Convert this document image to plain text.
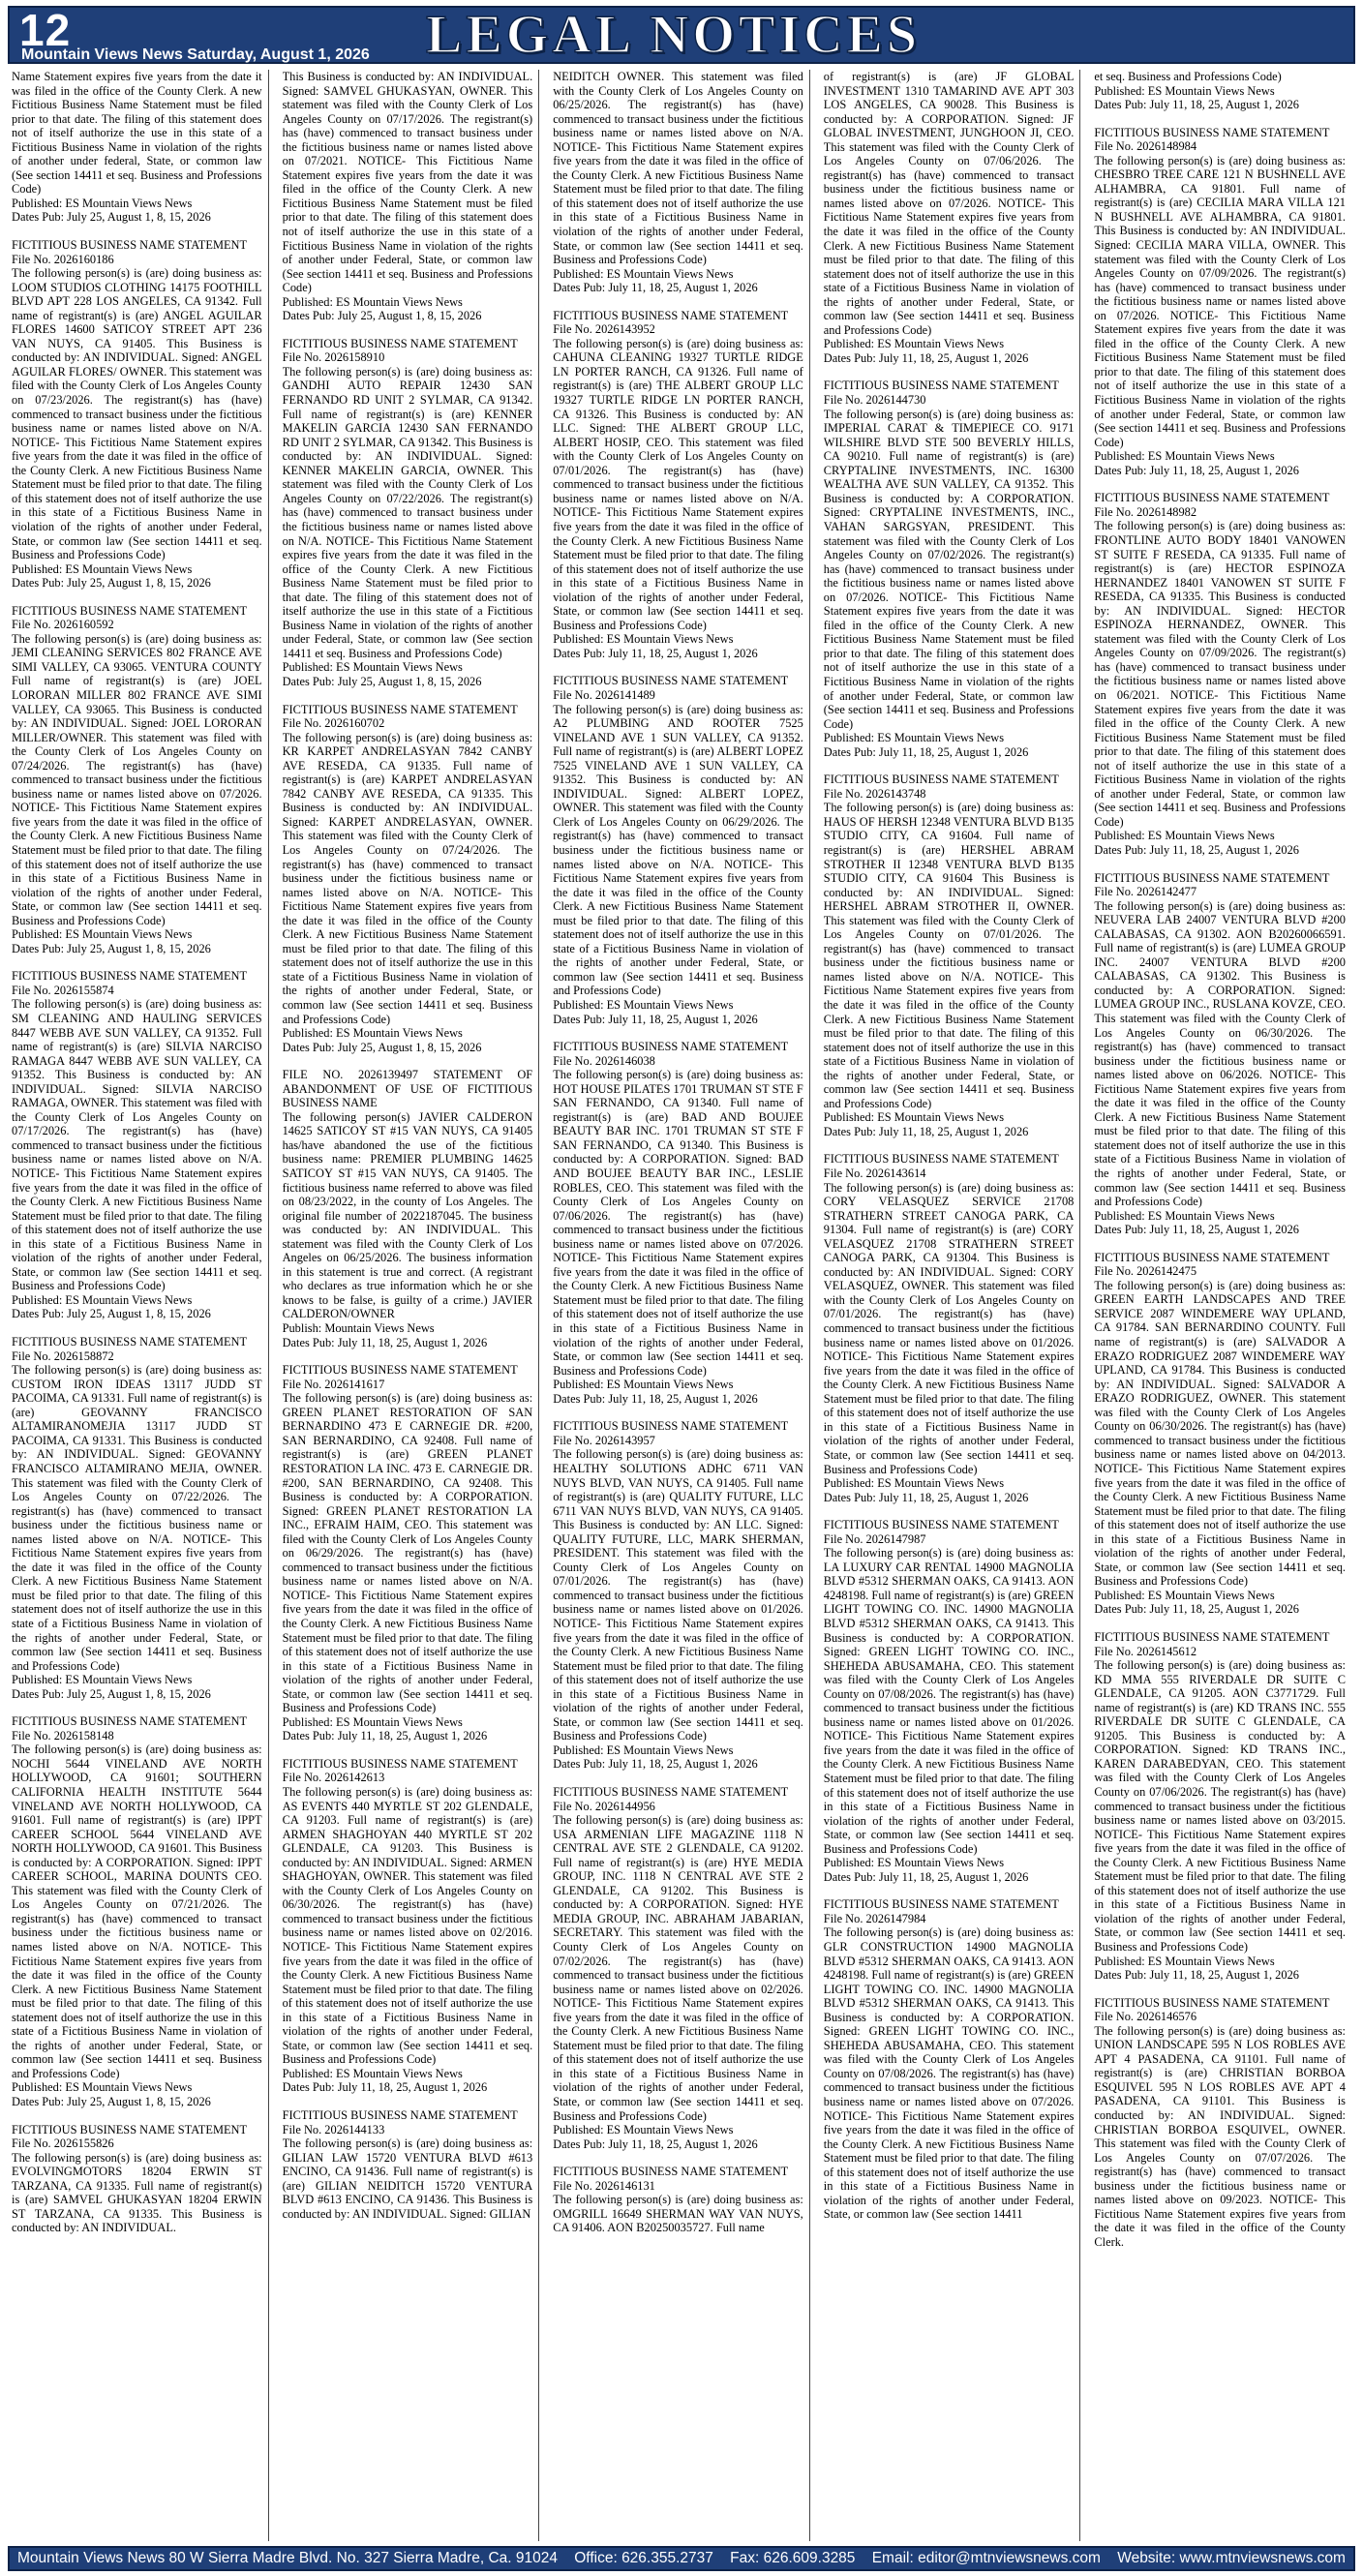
12
Mountain Views News Saturday, August 1, 2026 LEGAL NOTICES
Name Statement expires five years from the date it was filed in the office of the County Clerk. A new Fictitious Business Name Statement must be filed prior to that date. The filing of this statement does not of itself authorize the use in this state of a Fictitious Business Name in violation of the rights of another under federal, State, or common law (See section 14411 et seq. Business and Professions Code)
Published: ES Mountain Views News
Dates Pub: July 25, August 1, 8, 15, 2026
FICTITIOUS BUSINESS NAME STATEMENT
File No. 2026160186
The following person(s) is (are) doing business as: LOOM STUDIOS CLOTHING 14175 FOOTHILL BLVD APT 228 LOS ANGELES, CA 91342. Full name of registrant(s) is (are) ANGEL AGUILAR FLORES 14600 SATICOY STREET APT 236 VAN NUYS, CA 91405. This Business is conducted by: AN INDIVIDUAL. Signed: ANGEL AGUILAR FLORES/ OWNER. This statement was filed with the County Clerk of Los Angeles County on 07/23/2026. The registrant(s) has (have) commenced to transact business under the fictitious business name or names listed above on N/A. NOTICE- This Fictitious Name Statement expires five years from the date it was filed in the office of the County Clerk. A new Fictitious Business Name Statement must be filed prior to that date. The filing of this statement does not of itself authorize the use in this state of a Fictitious Business Name in violation of the rights of another under Federal, State, or common law (See section 14411 et seq. Business and Professions Code)
Published: ES Mountain Views News
Dates Pub: July 25, August 1, 8, 15, 2026
FICTITIOUS BUSINESS NAME STATEMENT
File No. 2026160592
The following person(s) is (are) doing business as: JEMI CLEANING SERVICES 802 FRANCE AVE SIMI VALLEY, CA 93065. VENTURA COUNTY Full name of registrant(s) is (are) JOEL LORORAN MILLER 802 FRANCE AVE SIMI VALLEY, CA 93065. This Business is conducted by: AN INDIVIDUAL. Signed: JOEL LORORAN MILLER/OWNER. This statement was filed with the County Clerk of Los Angeles County on 07/24/2026. The registrant(s) has (have) commenced to transact business under the fictitious business name or names listed above on 07/2026. NOTICE- This Fictitious Name Statement expires five years from the date it was filed in the office of the County Clerk. A new Fictitious Business Name Statement must be filed prior to that date. The filing of this statement does not of itself authorize the use in this state of a Fictitious Business Name in violation of the rights of another under Federal, State, or common law (See section 14411 et seq. Business and Professions Code)
Published: ES Mountain Views News
Dates Pub: July 25, August 1, 8, 15, 2026
FICTITIOUS BUSINESS NAME STATEMENT
File No. 2026155874
The following person(s) is (are) doing business as: SM CLEANING AND HAULING SERVICES 8447 WEBB AVE SUN VALLEY, CA 91352. Full name of registrant(s) is (are) SILVIA NARCISO RAMAGA 8447 WEBB AVE SUN VALLEY, CA 91352. This Business is conducted by: AN INDIVIDUAL. Signed: SILVIA NARCISO RAMAGA, OWNER. This statement was filed with the County Clerk of Los Angeles County on 07/17/2026. The registrant(s) has (have) commenced to transact business under the fictitious business name or names listed above on N/A. NOTICE- This Fictitious Name Statement expires five years from the date it was filed in the office of the County Clerk. A new Fictitious Business Name Statement must be filed prior to that date. The filing of this statement does not of itself authorize the use in this state of a Fictitious Business Name in violation of the rights of another under Federal, State, or common law (See section 14411 et seq. Business and Professions Code)
Published: ES Mountain Views News
Dates Pub: July 25, August 1, 8, 15, 2026
FICTITIOUS BUSINESS NAME STATEMENT
File No. 2026158872
The following person(s) is (are) doing business as: CUSTOM IRON IDEAS 13117 JUDD ST PACOIMA, CA 91331. Full name of registrant(s) is (are) GEOVANNY FRANCISCO ALTAMIRANOMEJIA 13117 JUDD ST PACOIMA, CA 91331. This Business is conducted by: AN INDIVIDUAL. Signed: GEOVANNY FRANCISCO ALTAMIRANO MEJIA, OWNER. This statement was filed with the County Clerk of Los Angeles County on 07/22/2026. The registrant(s) has (have) commenced to transact business under the fictitious business name or names listed above on N/A. NOTICE- This Fictitious Name Statement expires five years from the date it was filed in the office of the County Clerk. A new Fictitious Business Name Statement must be filed prior to that date. The filing of this statement does not of itself authorize the use in this state of a Fictitious Business Name in violation of the rights of another under Federal, State, or common law (See section 14411 et seq. Business and Professions Code)
Published: ES Mountain Views News
Dates Pub: July 25, August 1, 8, 15, 2026
FICTITIOUS BUSINESS NAME STATEMENT
File No. 2026158148
The following person(s) is (are) doing business as: NOCHI 5644 VINELAND AVE NORTH HOLLYWOOD, CA 91601; SOUTHERN CALIFORNIA HEALTH INSTITUTE 5644 VINELAND AVE NORTH HOLLYWOOD, CA 91601. Full name of registrant(s) is (are) IPPT CAREER SCHOOL 5644 VINELAND AVE NORTH HOLLYWOOD, CA 91601. This Business is conducted by: A CORPORATION. Signed: IPPT CAREER SCHOOL, MARINA DOUNTS CEO. This statement was filed with the County Clerk of Los Angeles County on 07/21/2026. The registrant(s) has (have) commenced to transact business under the fictitious business name or names listed above on N/A. NOTICE- This Fictitious Name Statement expires five years from the date it was filed in the office of the County Clerk. A new Fictitious Business Name Statement must be filed prior to that date. The filing of this statement does not of itself authorize the use in this state of a Fictitious Business Name in violation of the rights of another under Federal, State, or common law (See section 14411 et seq. Business and Professions Code)
Published: ES Mountain Views News
Dates Pub: July 25, August 1, 8, 15, 2026
FICTITIOUS BUSINESS NAME STATEMENT
File No. 2026155826
The following person(s) is (are) doing business as: EVOLVINGMOTORS 18204 ERWIN ST TARZANA, CA 91335. Full name of registrant(s) is (are) SAMVEL GHUKASYAN 18204 ERWIN ST TARZANA, CA 91335. This Business is conducted by: AN INDIVIDUAL.
This Business is conducted by: AN INDIVIDUAL. Signed: SAMVEL GHUKASYAN, OWNER. This statement was filed with the County Clerk of Los Angeles County on 07/17/2026. The registrant(s) has (have) commenced to transact business under the fictitious business name or names listed above on 07/2021. NOTICE- This Fictitious Name Statement expires five years from the date it was filed in the office of the County Clerk. A new Fictitious Business Name Statement must be filed prior to that date. The filing of this statement does not of itself authorize the use in this state of a Fictitious Business Name in violation of the rights of another under Federal, State, or common law (See section 14411 et seq. Business and Professions Code)
Published: ES Mountain Views News
Dates Pub: July 25, August 1, 8, 15, 2026
FICTITIOUS BUSINESS NAME STATEMENT
File No. 2026158910
The following person(s) is (are) doing business as: GANDHI AUTO REPAIR 12430 SAN FERNANDO RD UNIT 2 SYLMAR, CA 91342. Full name of registrant(s) is (are) KENNER MAKELIN GARCIA 12430 SAN FERNANDO RD UNIT 2 SYLMAR, CA 91342. This Business is conducted by: AN INDIVIDUAL. Signed: KENNER MAKELIN GARCIA, OWNER. This statement was filed with the County Clerk of Los Angeles County on 07/22/2026. The registrant(s) has (have) commenced to transact business under the fictitious business name or names listed above on N/A. NOTICE- This Fictitious Name Statement expires five years from the date it was filed in the office of the County Clerk. A new Fictitious Business Name Statement must be filed prior to that date. The filing of this statement does not of itself authorize the use in this state of a Fictitious Business Name in violation of the rights of another under Federal, State, or common law (See section 14411 et seq. Business and Professions Code)
Published: ES Mountain Views News
Dates Pub: July 25, August 1, 8, 15, 2026
FICTITIOUS BUSINESS NAME STATEMENT
File No. 2026160702
The following person(s) is (are) doing business as: KR KARPET ANDRELASYAN 7842 CANBY AVE RESEDA, CA 91335. Full name of registrant(s) is (are) KARPET ANDRELASYAN 7842 CANBY AVE RESEDA, CA 91335. This Business is conducted by: AN INDIVIDUAL. Signed: KARPET ANDRELASYAN, OWNER. This statement was filed with the County Clerk of Los Angeles County on 07/24/2026. The registrant(s) has (have) commenced to transact business under the fictitious business name or names listed above on N/A. NOTICE- This Fictitious Name Statement expires five years from the date it was filed in the office of the County Clerk. A new Fictitious Business Name Statement must be filed prior to that date. The filing of this statement does not of itself authorize the use in this state of a Fictitious Business Name in violation of the rights of another under Federal, State, or common law (See section 14411 et seq. Business and Professions Code)
Published: ES Mountain Views News
Dates Pub: July 25, August 1, 8, 15, 2026
FILE NO. 2026139497 STATEMENT OF ABANDONMENT OF USE OF FICTITIOUS BUSINESS NAME
The following person(s) JAVIER CALDERON 14625 SATICOY ST #15 VAN NUYS, CA 91405 has/have abandoned the use of the fictitious business name: PREMIER PLUMBING 14625 SATICOY ST #15 VAN NUYS, CA 91405. The fictitious business name referred to above was filed on 08/23/2022, in the county of Los Angeles. The original file number of 2022187045. The business was conducted by: AN INDIVIDUAL. This statement was filed with the County Clerk of Los Angeles on 06/25/2026. The business information in this statement is true and correct. (A registrant who declares as true information which he or she knows to be false, is guilty of a crime.) JAVIER CALDERON/OWNER
Publish: Mountain Views News
Dates Pub: July 11, 18, 25, August 1, 2026
FICTITIOUS BUSINESS NAME STATEMENT
File No. 2026141617
The following person(s) is (are) doing business as: GREEN PLANET RESTORATION OF SAN BERNARDINO 473 E CARNEGIE DR. #200, SAN BERNARDINO, CA 92408. Full name of registrant(s) is (are) GREEN PLANET RESTORATION LA INC. 473 E. CARNEGIE DR. #200, SAN BERNARDINO, CA 92408. This Business is conducted by: A CORPORATION. Signed: GREEN PLANET RESTORATION LA INC., EFRAIM HAIM, CEO. This statement was filed with the County Clerk of Los Angeles County on 06/29/2026. The registrant(s) has (have) commenced to transact business under the fictitious business name or names listed above on N/A. NOTICE- This Fictitious Name Statement expires five years from the date it was filed in the office of the County Clerk. A new Fictitious Business Name Statement must be filed prior to that date. The filing of this statement does not of itself authorize the use in this state of a Fictitious Business Name in violation of the rights of another under Federal, State, or common law (See section 14411 et seq. Business and Professions Code)
Published: ES Mountain Views News
Dates Pub: July 11, 18, 25, August 1, 2026
FICTITIOUS BUSINESS NAME STATEMENT
File No. 2026142613
The following person(s) is (are) doing business as: AS EVENTS 440 MYRTLE ST 202 GLENDALE, CA 91203. Full name of registrant(s) is (are) ARMEN SHAGHOYAN 440 MYRTLE ST 202 GLENDALE, CA 91203. This Business is conducted by: AN INDIVIDUAL. Signed: ARMEN SHAGHOYAN, OWNER. This statement was filed with the County Clerk of Los Angeles County on 06/30/2026. The registrant(s) has (have) commenced to transact business under the fictitious business name or names listed above on 02/2016. NOTICE- This Fictitious Name Statement expires five years from the date it was filed in the office of the County Clerk. A new Fictitious Business Name Statement must be filed prior to that date. The filing of this statement does not of itself authorize the use in this state of a Fictitious Business Name in violation of the rights of another under Federal, State, or common law (See section 14411 et seq. Business and Professions Code)
Published: ES Mountain Views News
Dates Pub: July 11, 18, 25, August 1, 2026
FICTITIOUS BUSINESS NAME STATEMENT
File No. 2026144133
The following person(s) is (are) doing business as: GILIAN LAW 15720 VENTURA BLVD #613 ENCINO, CA 91436. Full name of registrant(s) is (are) GILIAN NEIDITCH 15720 VENTURA BLVD #613 ENCINO, CA 91436. This Business is conducted by: AN INDIVIDUAL. Signed: GILIAN
NEIDITCH OWNER. This statement was filed with the County Clerk of Los Angeles County on 06/25/2026. The registrant(s) has (have) commenced to transact business under the fictitious business name or names listed above on N/A. NOTICE- This Fictitious Name Statement expires five years from the date it was filed in the office of the County Clerk. A new Fictitious Business Name Statement must be filed prior to that date. The filing of this statement does not of itself authorize the use in this state of a Fictitious Business Name in violation of the rights of another under Federal, State, or common law (See section 14411 et seq. Business and Professions Code)
Published: ES Mountain Views News
Dates Pub: July 11, 18, 25, August 1, 2026
FICTITIOUS BUSINESS NAME STATEMENT
File No. 2026143952
The following person(s) is (are) doing business as: CAHUNA CLEANING 19327 TURTLE RIDGE LN PORTER RANCH, CA 91326. Full name of registrant(s) is (are) THE ALBERT GROUP LLC 19327 TURTLE RIDGE LN PORTER RANCH, CA 91326. This Business is conducted by: AN LLC. Signed: THE ALBERT GROUP LLC, ALBERT HOSIP, CEO. This statement was filed with the County Clerk of Los Angeles County on 07/01/2026. The registrant(s) has (have) commenced to transact business under the fictitious business name or names listed above on N/A. NOTICE- This Fictitious Name Statement expires five years from the date it was filed in the office of the County Clerk. A new Fictitious Business Name Statement must be filed prior to that date. The filing of this statement does not of itself authorize the use in this state of a Fictitious Business Name in violation of the rights of another under Federal, State, or common law (See section 14411 et seq. Business and Professions Code)
Published: ES Mountain Views News
Dates Pub: July 11, 18, 25, August 1, 2026
FICTITIOUS BUSINESS NAME STATEMENT
File No. 2026141489
The following person(s) is (are) doing business as: A2 PLUMBING AND ROOTER 7525 VINELAND AVE 1 SUN VALLEY, CA 91352. Full name of registrant(s) is (are) ALBERT LOPEZ 7525 VINELAND AVE 1 SUN VALLEY, CA 91352. This Business is conducted by: AN INDIVIDUAL. Signed: ALBERT LOPEZ, OWNER. This statement was filed with the County Clerk of Los Angeles County on 06/29/2026. The registrant(s) has (have) commenced to transact business under the fictitious business name or names listed above on N/A. NOTICE- This Fictitious Name Statement expires five years from the date it was filed in the office of the County Clerk. A new Fictitious Business Name Statement must be filed prior to that date. The filing of this statement does not of itself authorize the use in this state of a Fictitious Business Name in violation of the rights of another under Federal, State, or common law (See section 14411 et seq. Business and Professions Code)
Published: ES Mountain Views News
Dates Pub: July 11, 18, 25, August 1, 2026
FICTITIOUS BUSINESS NAME STATEMENT
File No. 2026146038
The following person(s) is (are) doing business as: HOT HOUSE PILATES 1701 TRUMAN ST STE F SAN FERNANDO, CA 91340. Full name of registrant(s) is (are) BAD AND BOUJEE BEAUTY BAR INC. 1701 TRUMAN ST STE F SAN FERNANDO, CA 91340. This Business is conducted by: A CORPORATION. Signed: BAD AND BOUJEE BEAUTY BAR INC., LESLIE ROBLES, CEO. This statement was filed with the County Clerk of Los Angeles County on 07/06/2026. The registrant(s) has (have) commenced to transact business under the fictitious business name or names listed above on 07/2026. NOTICE- This Fictitious Name Statement expires five years from the date it was filed in the office of the County Clerk. A new Fictitious Business Name Statement must be filed prior to that date. The filing of this statement does not of itself authorize the use in this state of a Fictitious Business Name in violation of the rights of another under Federal, State, or common law (See section 14411 et seq. Business and Professions Code)
Published: ES Mountain Views News
Dates Pub: July 11, 18, 25, August 1, 2026
FICTITIOUS BUSINESS NAME STATEMENT
File No. 2026143957
The following person(s) is (are) doing business as: HEALTHY SOLUTIONS ADHC 6711 VAN NUYS BLVD, VAN NUYS, CA 91405. Full name of registrant(s) is (are) QUALITY FUTURE, LLC 6711 VAN NUYS BLVD, VAN NUYS, CA 91405. This Business is conducted by: AN LLC. Signed: QUALITY FUTURE, LLC, MARK SHERMAN, PRESIDENT. This statement was filed with the County Clerk of Los Angeles County on 07/01/2026. The registrant(s) has (have) commenced to transact business under the fictitious business name or names listed above on 01/2026. NOTICE- This Fictitious Name Statement expires five years from the date it was filed in the office of the County Clerk. A new Fictitious Business Name Statement must be filed prior to that date. The filing of this statement does not of itself authorize the use in this state of a Fictitious Business Name in violation of the rights of another under Federal, State, or common law (See section 14411 et seq. Business and Professions Code)
Published: ES Mountain Views News
Dates Pub: July 11, 18, 25, August 1, 2026
FICTITIOUS BUSINESS NAME STATEMENT
File No. 2026144956
The following person(s) is (are) doing business as: USA ARMENIAN LIFE MAGAZINE 1118 N CENTRAL AVE STE 2 GLENDALE, CA 91202. Full name of registrant(s) is (are) HYE MEDIA GROUP, INC. 1118 N CENTRAL AVE STE 2 GLENDALE, CA 91202. This Business is conducted by: A CORPORATION. Signed: HYE MEDIA GROUP, INC. ABRAHAM JABARIAN, SECRETARY. This statement was filed with the County Clerk of Los Angeles County on 07/02/2026. The registrant(s) has (have) commenced to transact business under the fictitious business name or names listed above on 02/2026. NOTICE- This Fictitious Name Statement expires five years from the date it was filed in the office of the County Clerk. A new Fictitious Business Name Statement must be filed prior to that date. The filing of this statement does not of itself authorize the use in this state of a Fictitious Business Name in violation of the rights of another under Federal, State, or common law (See section 14411 et seq. Business and Professions Code)
Published: ES Mountain Views News
Dates Pub: July 11, 18, 25, August 1, 2026
FICTITIOUS BUSINESS NAME STATEMENT
File No. 2026146131
The following person(s) is (are) doing business as: OMGRILL 16649 SHERMAN WAY VAN NUYS, CA 91406. AON B20250035727. Full name
of registrant(s) is (are) JF GLOBAL INVESTMENT 1310 TAMARIND AVE APT 303 LOS ANGELES, CA 90028. This Business is conducted by: A CORPORATION. Signed: JF GLOBAL INVESTMENT, JUNGHOON JI, CEO. This statement was filed with the County Clerk of Los Angeles County on 07/06/2026. The registrant(s) has (have) commenced to transact business under the fictitious business name or names listed above on 07/2026. NOTICE- This Fictitious Name Statement expires five years from the date it was filed in the office of the County Clerk. A new Fictitious Business Name Statement must be filed prior to that date. The filing of this statement does not of itself authorize the use in this state of a Fictitious Business Name in violation of the rights of another under Federal, State, or common law (See section 14411 et seq. Business and Professions Code)
Published: ES Mountain Views News
Dates Pub: July 11, 18, 25, August 1, 2026
FICTITIOUS BUSINESS NAME STATEMENT
File No. 2026144730
The following person(s) is (are) doing business as: IMPERIAL CARAT & TIMEPIECE CO. 9171 WILSHIRE BLVD STE 500 BEVERLY HILLS, CA 90210. Full name of registrant(s) is (are) CRYPTALINE INVESTMENTS, INC. 16300 WEALTHA AVE SUN VALLEY, CA 91352. This Business is conducted by: A CORPORATION. Signed: CRYPTALINE INVESTMENTS, INC., VAHAN SARGSYAN, PRESIDENT. This statement was filed with the County Clerk of Los Angeles County on 07/02/2026. The registrant(s) has (have) commenced to transact business under the fictitious business name or names listed above on 07/2026. NOTICE- This Fictitious Name Statement expires five years from the date it was filed in the office of the County Clerk. A new Fictitious Business Name Statement must be filed prior to that date. The filing of this statement does not of itself authorize the use in this state of a Fictitious Business Name in violation of the rights of another under Federal, State, or common law (See section 14411 et seq. Business and Professions Code)
Published: ES Mountain Views News
Dates Pub: July 11, 18, 25, August 1, 2026
FICTITIOUS BUSINESS NAME STATEMENT
File No. 2026143748
The following person(s) is (are) doing business as: HAUS OF HERSH 12348 VENTURA BLVD B135 STUDIO CITY, CA 91604. Full name of registrant(s) is (are) HERSHEL ABRAM STROTHER II 12348 VENTURA BLVD B135 STUDIO CITY, CA 91604 This Business is conducted by: AN INDIVIDUAL. Signed: HERSHEL ABRAM STROTHER II, OWNER. This statement was filed with the County Clerk of Los Angeles County on 07/01/2026. The registrant(s) has (have) commenced to transact business under the fictitious business name or names listed above on N/A. NOTICE- This Fictitious Name Statement expires five years from the date it was filed in the office of the County Clerk. A new Fictitious Business Name Statement must be filed prior to that date. The filing of this statement does not of itself authorize the use in this state of a Fictitious Business Name in violation of the rights of another under Federal, State, or common law (See section 14411 et seq. Business and Professions Code)
Published: ES Mountain Views News
Dates Pub: July 11, 18, 25, August 1, 2026
FICTITIOUS BUSINESS NAME STATEMENT
File No. 2026143614
The following person(s) is (are) doing business as: CORY VELASQUEZ SERVICE 21708 STRATHERN STREET CANOGA PARK, CA 91304. Full name of registrant(s) is (are) CORY VELASQUEZ 21708 STRATHERN STREET CANOGA PARK, CA 91304. This Business is conducted by: AN INDIVIDUAL. Signed: CORY VELASQUEZ, OWNER. This statement was filed with the County Clerk of Los Angeles County on 07/01/2026. The registrant(s) has (have) commenced to transact business under the fictitious business name or names listed above on 01/2026. NOTICE- This Fictitious Name Statement expires five years from the date it was filed in the office of the County Clerk. A new Fictitious Business Name Statement must be filed prior to that date. The filing of this statement does not of itself authorize the use in this state of a Fictitious Business Name in violation of the rights of another under Federal, State, or common law (See section 14411 et seq. Business and Professions Code)
Published: ES Mountain Views News
Dates Pub: July 11, 18, 25, August 1, 2026
FICTITIOUS BUSINESS NAME STATEMENT
File No. 2026147987
The following person(s) is (are) doing business as: LA LUXURY CAR RENTAL 14900 MAGNOLIA BLVD #5312 SHERMAN OAKS, CA 91413. AON 4248198. Full name of registrant(s) is (are) GREEN LIGHT TOWING CO. INC. 14900 MAGNOLIA BLVD #5312 SHERMAN OAKS, CA 91413. This Business is conducted by: A CORPORATION. Signed: GREEN LIGHT TOWING CO. INC., SHEHEDA ABUSAMAHA, CEO. This statement was filed with the County Clerk of Los Angeles County on 07/08/2026. The registrant(s) has (have) commenced to transact business under the fictitious business name or names listed above on 01/2026. NOTICE- This Fictitious Name Statement expires five years from the date it was filed in the office of the County Clerk. A new Fictitious Business Name Statement must be filed prior to that date. The filing of this statement does not of itself authorize the use in this state of a Fictitious Business Name in violation of the rights of another under Federal, State, or common law (See section 14411 et seq. Business and Professions Code)
Published: ES Mountain Views News
Dates Pub: July 11, 18, 25, August 1, 2026
FICTITIOUS BUSINESS NAME STATEMENT
File No. 2026147984
The following person(s) is (are) doing business as: GLR CONSTRUCTION 14900 MAGNOLIA BLVD #5312 SHERMAN OAKS, CA 91413. AON 4248198. Full name of registrant(s) is (are) GREEN LIGHT TOWING CO. INC. 14900 MAGNOLIA BLVD #5312 SHERMAN OAKS, CA 91413. This Business is conducted by: A CORPORATION. Signed: GREEN LIGHT TOWING CO. INC., SHEHEDA ABUSAMAHA, CEO. This statement was filed with the County Clerk of Los Angeles County on 07/08/2026. The registrant(s) has (have) commenced to transact business under the fictitious business name or names listed above on 07/2026. NOTICE- This Fictitious Name Statement expires five years from the date it was filed in the office of the County Clerk. A new Fictitious Business Name Statement must be filed prior to that date. The filing of this statement does not of itself authorize the use in this state of a Fictitious Business Name in violation of the rights of another under Federal, State, or common law (See section 14411
et seq. Business and Professions Code)
Published: ES Mountain Views News
Dates Pub: July 11, 18, 25, August 1, 2026
FICTITIOUS BUSINESS NAME STATEMENT
File No. 2026148984
The following person(s) is (are) doing business as: CHESBRO TREE CARE 121 N BUSHNELL AVE ALHAMBRA, CA 91801. Full name of registrant(s) is (are) CECILIA MARA VILLA 121 N BUSHNELL AVE ALHAMBRA, CA 91801. This Business is conducted by: AN INDIVIDUAL. Signed: CECILIA MARA VILLA, OWNER. This statement was filed with the County Clerk of Los Angeles County on 07/09/2026. The registrant(s) has (have) commenced to transact business under the fictitious business name or names listed above on 07/2026. NOTICE- This Fictitious Name Statement expires five years from the date it was filed in the office of the County Clerk. A new Fictitious Business Name Statement must be filed prior to that date. The filing of this statement does not of itself authorize the use in this state of a Fictitious Business Name in violation of the rights of another under Federal, State, or common law (See section 14411 et seq. Business and Professions Code)
Published: ES Mountain Views News
Dates Pub: July 11, 18, 25, August 1, 2026
FICTITIOUS BUSINESS NAME STATEMENT
File No. 2026148982
The following person(s) is (are) doing business as: FRONTLINE AUTO BODY 18401 VANOWEN ST SUITE F RESEDA, CA 91335. Full name of registrant(s) is (are) HECTOR ESPINOZA HERNANDEZ 18401 VANOWEN ST SUITE F RESEDA, CA 91335. This Business is conducted by: AN INDIVIDUAL. Signed: HECTOR ESPINOZA HERNANDEZ, OWNER. This statement was filed with the County Clerk of Los Angeles County on 07/09/2026. The registrant(s) has (have) commenced to transact business under the fictitious business name or names listed above on 06/2021. NOTICE- This Fictitious Name Statement expires five years from the date it was filed in the office of the County Clerk. A new Fictitious Business Name Statement must be filed prior to that date. The filing of this statement does not of itself authorize the use in this state of a Fictitious Business Name in violation of the rights of another under Federal, State, or common law (See section 14411 et seq. Business and Professions Code)
Published: ES Mountain Views News
Dates Pub: July 11, 18, 25, August 1, 2026
FICTITIOUS BUSINESS NAME STATEMENT
File No. 2026142477
The following person(s) is (are) doing business as: NEUVERA LAB 24007 VENTURA BLVD #200 CALABASAS, CA 91302. AON B20260066591. Full name of registrant(s) is (are) LUMEA GROUP INC. 24007 VENTURA BLVD #200 CALABASAS, CA 91302. This Business is conducted by: A CORPORATION. Signed: LUMEA GROUP INC., RUSLANA KOVZE, CEO. This statement was filed with the County Clerk of Los Angeles County on 06/30/2026. The registrant(s) has (have) commenced to transact business under the fictitious business name or names listed above on 06/2026. NOTICE- This Fictitious Name Statement expires five years from the date it was filed in the office of the County Clerk. A new Fictitious Business Name Statement must be filed prior to that date. The filing of this statement does not of itself authorize the use in this state of a Fictitious Business Name in violation of the rights of another under Federal, State, or common law (See section 14411 et seq. Business and Professions Code)
Published: ES Mountain Views News
Dates Pub: July 11, 18, 25, August 1, 2026
FICTITIOUS BUSINESS NAME STATEMENT
File No. 2026142475
The following person(s) is (are) doing business as: GREEN EARTH LANDSCAPES AND TREE SERVICE 2087 WINDEMERE WAY UPLAND, CA 91784. SAN BERNARDINO COUNTY. Full name of registrant(s) is (are) SALVADOR A ERAZO RODRIGUEZ 2087 WINDEMERE WAY UPLAND, CA 91784. This Business is conducted by: AN INDIVIDUAL. Signed: SALVADOR A ERAZO RODRIGUEZ, OWNER. This statement was filed with the County Clerk of Los Angeles County on 06/30/2026. The registrant(s) has (have) commenced to transact business under the fictitious business name or names listed above on 04/2013. NOTICE- This Fictitious Name Statement expires five years from the date it was filed in the office of the County Clerk. A new Fictitious Business Name Statement must be filed prior to that date. The filing of this statement does not of itself authorize the use in this state of a Fictitious Business Name in violation of the rights of another under Federal, State, or common law (See section 14411 et seq. Business and Professions Code)
Published: ES Mountain Views News
Dates Pub: July 11, 18, 25, August 1, 2026
FICTITIOUS BUSINESS NAME STATEMENT
File No. 2026145612
The following person(s) is (are) doing business as: KD MMA 555 RIVERDALE DR SUITE C GLENDALE, CA 91205. AON C3771729. Full name of registrant(s) is (are) KD TRANS INC. 555 RIVERDALE DR SUITE C GLENDALE, CA 91205. This Business is conducted by: A CORPORATION. Signed: KD TRANS INC., KAREN DARABEDYAN, CEO. This statement was filed with the County Clerk of Los Angeles County on 07/06/2026. The registrant(s) has (have) commenced to transact business under the fictitious business name or names listed above on 03/2015. NOTICE- This Fictitious Name Statement expires five years from the date it was filed in the office of the County Clerk. A new Fictitious Business Name Statement must be filed prior to that date. The filing of this statement does not of itself authorize the use in this state of a Fictitious Business Name in violation of the rights of another under Federal, State, or common law (See section 14411 et seq. Business and Professions Code)
Published: ES Mountain Views News
Dates Pub: July 11, 18, 25, August 1, 2026
FICTITIOUS BUSINESS NAME STATEMENT
File No. 2026146576
The following person(s) is (are) doing business as: UNION LANDSCAPE 595 N LOS ROBLES AVE APT 4 PASADENA, CA 91101. Full name of registrant(s) is (are) CHRISTIAN BORBOA ESQUIVEL 595 N LOS ROBLES AVE APT 4 PASADENA, CA 91101. This Business is conducted by: AN INDIVIDUAL. Signed: CHRISTIAN BORBOA ESQUIVEL, OWNER. This statement was filed with the County Clerk of Los Angeles County on 07/07/2026. The registrant(s) has (have) commenced to transact business under the fictitious business name or names listed above on 09/2023. NOTICE- This Fictitious Name Statement expires five years from the date it was filed in the office of the County Clerk.
Mountain Views News 80 W Sierra Madre Blvd. No. 327 Sierra Madre, Ca. 91024 Office: 626.355.2737 Fax: 626.609.3285 Email: editor@mtnviewsnews.com Website: www.mtnviewsnews.com
